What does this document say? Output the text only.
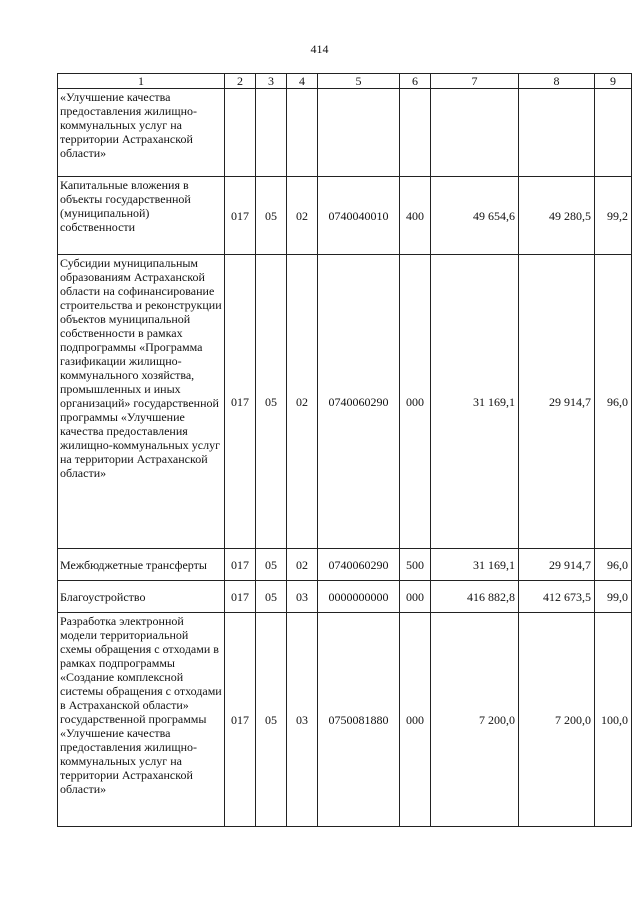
414
1	2	3	4	5	6	7	8	9
«Улучшение качества предоставления жилищно-коммунальных услуг на территории Астраханской области»								
Капитальные вложения в объекты государственной (муниципальной) собственности	017	05	02	0740040010	400	49 654,6	49 280,5	99,2
Субсидии муниципальным образованиям Астраханской области на софинансирование строительства и реконструкции объектов муниципальной собственности в рамках подпрограммы «Программа газификации жилищно-коммунального хозяйства, промышленных и иных организаций» государственной программы «Улучшение качества предоставления жилищно-коммунальных услуг на территории Астраханской области»	017	05	02	0740060290	000	31 169,1	29 914,7	96,0
Межбюджетные трансферты	017	05	02	0740060290	500	31 169,1	29 914,7	96,0
Благоустройство	017	05	03	0000000000	000	416 882,8	412 673,5	99,0
Разработка электронной модели территориальной схемы обращения с отходами в рамках подпрограммы «Создание комплексной системы обращения с отходами в Астраханской области» государственной программы «Улучшение качества предоставления жилищно-коммунальных услуг на территории Астраханской области»	017	05	03	0750081880	000	7 200,0	7 200,0	100,0
